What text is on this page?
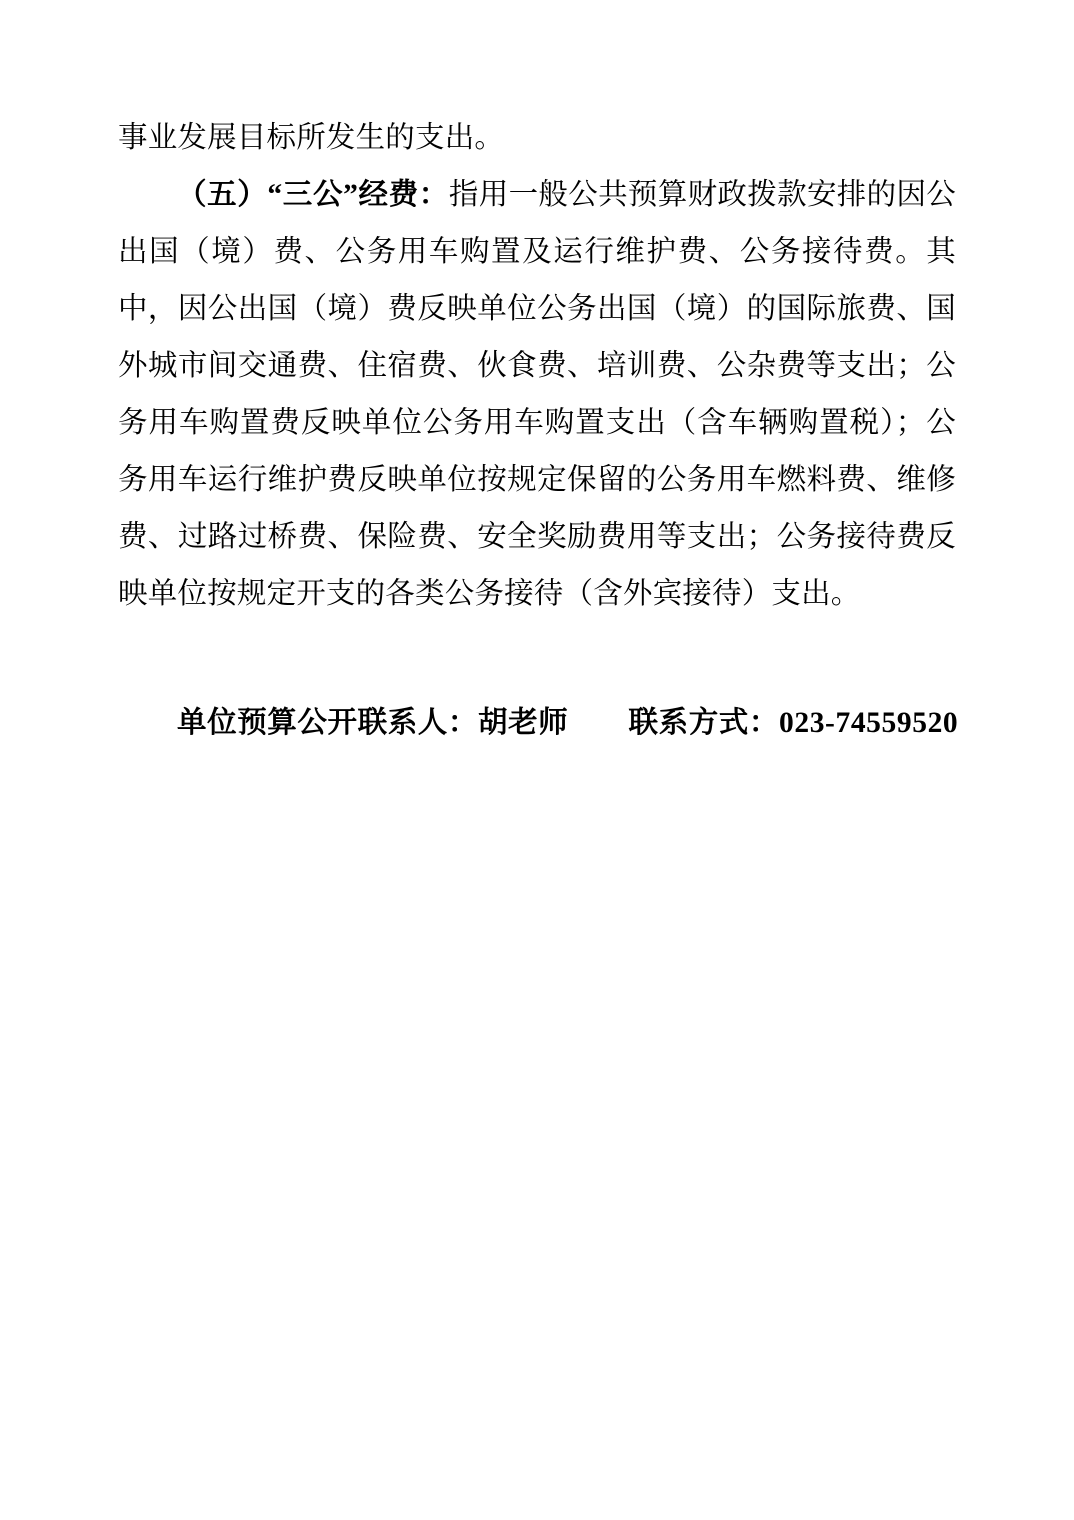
事业发展目标所发生的支出。

（五）“三公”经费：指用一般公共预算财政拨款安排的因公出国（境）费、公务用车购置及运行维护费、公务接待费。其中，因公出国（境）费反映单位公务出国（境）的国际旅费、国外城市间交通费、住宿费、伙食费、培训费、公杂费等支出；公务用车购置费反映单位公务用车购置支出（含车辆购置税）；公务用车运行维护费反映单位按规定保留的公务用车燃料费、维修费、过路过桥费、保险费、安全奖励费用等支出；公务接待费反映单位按规定开支的各类公务接待（含外宾接待）支出。

单位预算公开联系人：胡老师　　联系方式：023-74559520
